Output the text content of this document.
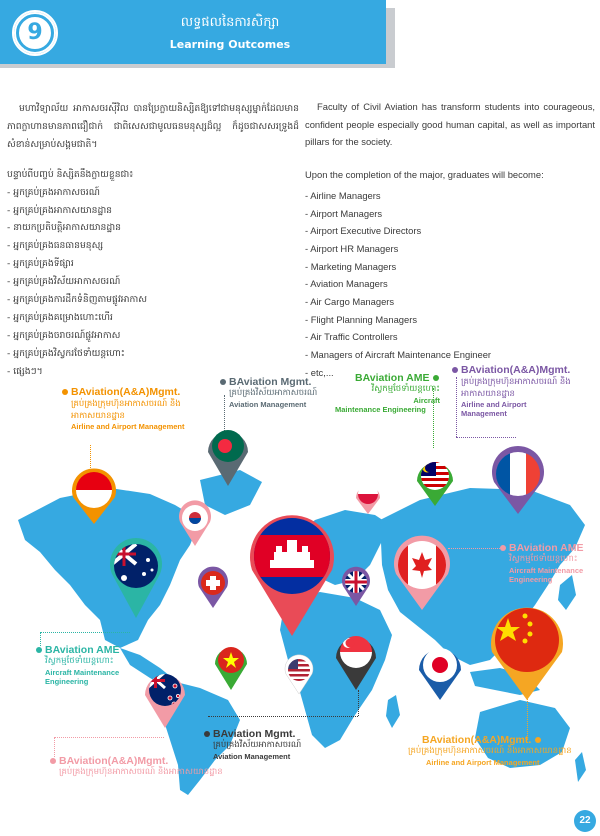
9	លទ្ធផលនៃការសិក្សា
Learning Outcomes

មហាវិទ្យាល័យ អាកាសចរស៊ីវិល បានប្រែក្លាយនិស្សិតឱ្យទៅជាមនុស្សម្នាក់ដែលមានភាពក្លាហានមានភាពជឿជាក់ ជាពិសេសជាមូលធនមនុស្សដ៏ល្អ ក៏ដូចជាសសរទ្រូងដ៏សំខាន់សម្រាប់សង្គមជាតិ។

បន្ទាប់ពីបញ្ចប់ និស្សិតនឹងក្លាយខ្លួនជា៖

- អ្នកគ្រប់គ្រងអាកាសចរណ៍
- អ្នកគ្រប់គ្រងអាកាសយានដ្ឋាន
- នាយកប្រតិបត្តិអាកាសយានដ្ឋាន
- អ្នកគ្រប់គ្រងធនធានមនុស្ស
- អ្នកគ្រប់គ្រងទីផ្សារ
- អ្នកគ្រប់គ្រងវិស័យអាកាសចរណ៍
- អ្នកគ្រប់គ្រងការដឹកទំនិញតាមផ្លូវអាកាស
- អ្នកគ្រប់គ្រងគម្រោងហោះហើរ
- អ្នកគ្រប់គ្រងចរាចរណ៍ផ្លូវអាកាស
- អ្នកគ្រប់គ្រងវិស្វករថែទាំយន្តហោះ
- ផ្សេងៗ។

Faculty of Civil Aviation has transform students into courageous, confident people especially good human capital, as well as important pillars for the society.

Upon the completion of the major, graduates will become:

- Airline Managers
- Airport Managers
- Airport Executive Directors
- Airport HR Managers
- Marketing Managers
- Aviation Managers
- Air Cargo Managers
- Flight Planning Managers
- Air Traffic Controllers
- Managers of Aircraft Maintenance Engineer
- etc,...
BAviation(A&A)Mgmt.
គ្រប់គ្រងក្រុមហ៊ុនអាកាសចរណ៍ និងអាកាសយានដ្ឋាន
Airline and Airport Management
BAviation Mgmt.
គ្រប់គ្រងវិស័យអាកាសចរណ៍
Aviation Management
BAviation AME
វិស្វកម្មថែទាំយន្តហោះ
Aircraft
Maintenance Engineering
BAviation(A&A)Mgmt.
គ្រប់គ្រងក្រុមហ៊ុនអាកាសចរណ៍ និងអាកាសយានដ្ឋាន
Airline and Airport
Management
BAviation AME
វិស្វកម្មថែទាំយន្តហោះ
Aircraft Maintenance
Engineering
BAviation AME
វិស្វកម្មថែទាំយន្តហោះ
Aircraft Maintenance
Engineering
BAviation Mgmt.
គ្រប់គ្រងវិស័យអាកាសចរណ៍
Aviation Management
BAviation(A&A)Mgmt.
គ្រប់គ្រងក្រុមហ៊ុនអាកាសចរណ៍ និងអាកាសយានដ្ឋាន
Airline and Airport Management
BAviation(A&A)Mgmt.
គ្រប់គ្រងក្រុមហ៊ុនអាកាសចរណ៍ និងអាកាសយានដ្ឋាន
22
